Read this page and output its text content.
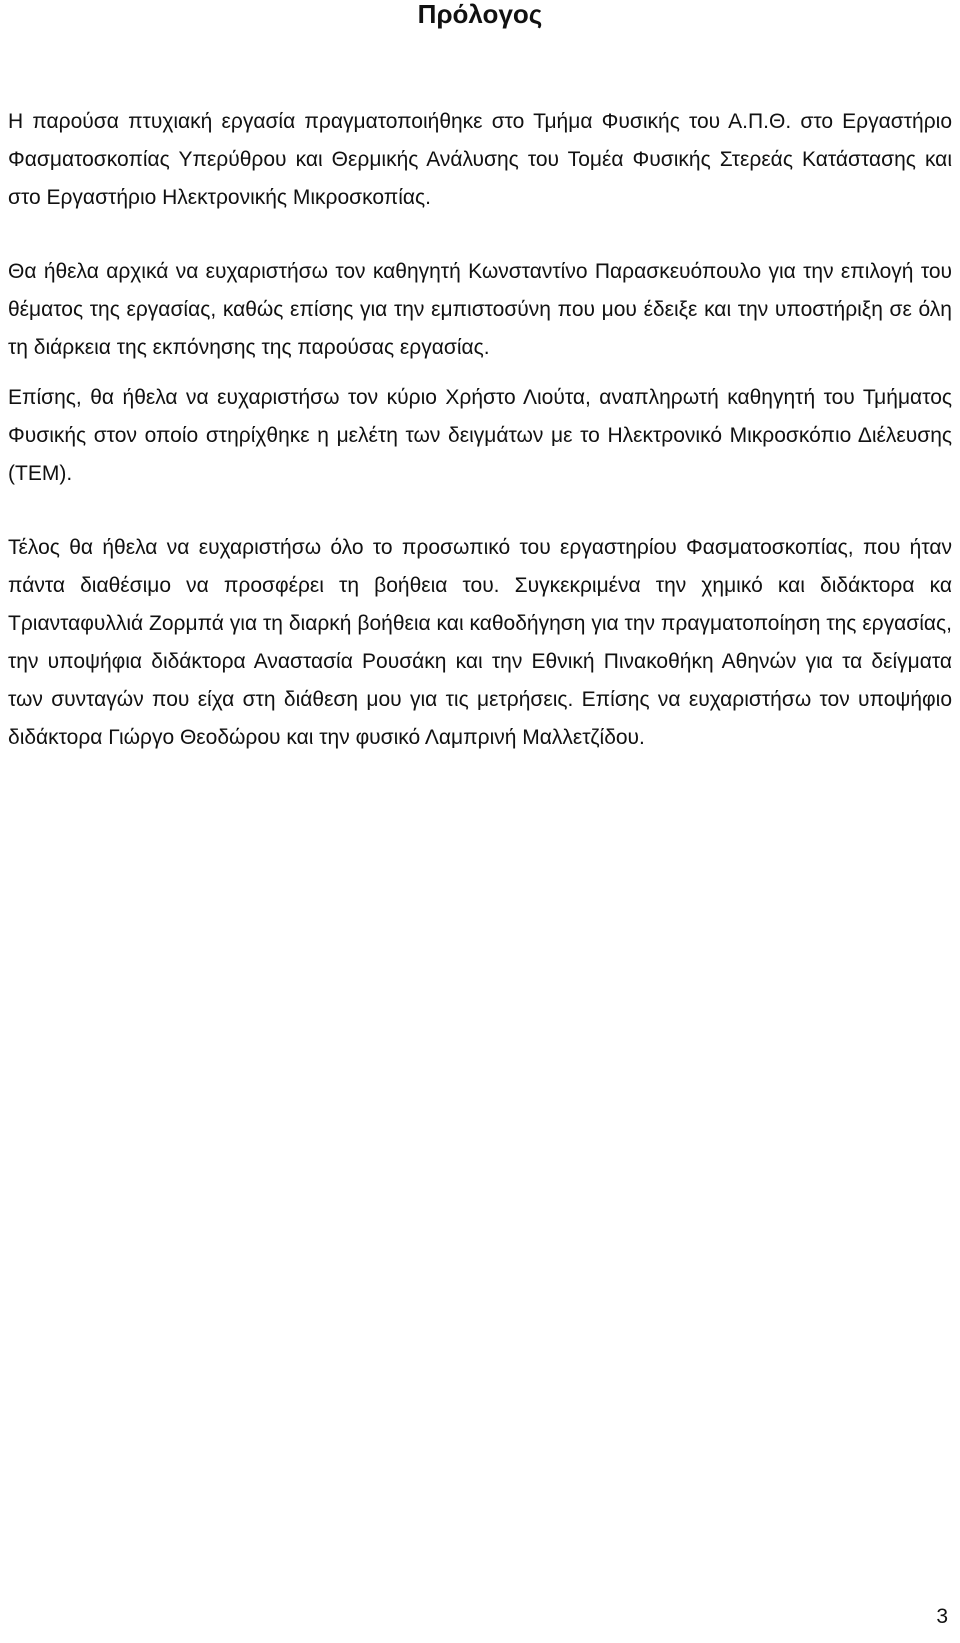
Πρόλογος

Η παρούσα πτυχιακή εργασία πραγματοποιήθηκε στο Τμήμα Φυσικής του Α.Π.Θ. στο Εργαστήριο Φασματοσκοπίας Υπερύθρου και Θερμικής Ανάλυσης του Τομέα Φυσικής Στερεάς Κατάστασης και στο Εργαστήριο Ηλεκτρονικής Μικροσκοπίας.

Θα ήθελα αρχικά να ευχαριστήσω τον καθηγητή Κωνσταντίνο Παρασκευόπουλο για την επιλογή του θέματος της εργασίας, καθώς επίσης για την εμπιστοσύνη που μου έδειξε και την υποστήριξη σε όλη τη διάρκεια της εκπόνησης της παρούσας εργασίας.

Επίσης, θα ήθελα να ευχαριστήσω τον κύριο Χρήστο Λιούτα, αναπληρωτή καθηγητή του Τμήματος Φυσικής στον οποίο στηρίχθηκε η μελέτη των δειγμάτων με το Ηλεκτρονικό Μικροσκόπιο Διέλευσης (ΤΕΜ).

Τέλος θα ήθελα να ευχαριστήσω όλο το προσωπικό του εργαστηρίου Φασματοσκοπίας, που ήταν πάντα διαθέσιμο να προσφέρει τη βοήθεια του. Συγκεκριμένα την χημικό και διδάκτορα κα Τριανταφυλλιά Ζορμπά για τη διαρκή βοήθεια και καθοδήγηση για την πραγματοποίηση της εργασίας, την υποψήφια διδάκτορα Αναστασία Ρουσάκη και την Εθνική Πινακοθήκη Αθηνών για τα δείγματα των συνταγών που είχα στη διάθεση μου για τις μετρήσεις. Επίσης να ευχαριστήσω τον υποψήφιο διδάκτορα Γιώργο Θεοδώρου και την φυσικό Λαμπρινή Μαλλετζίδου.

3
